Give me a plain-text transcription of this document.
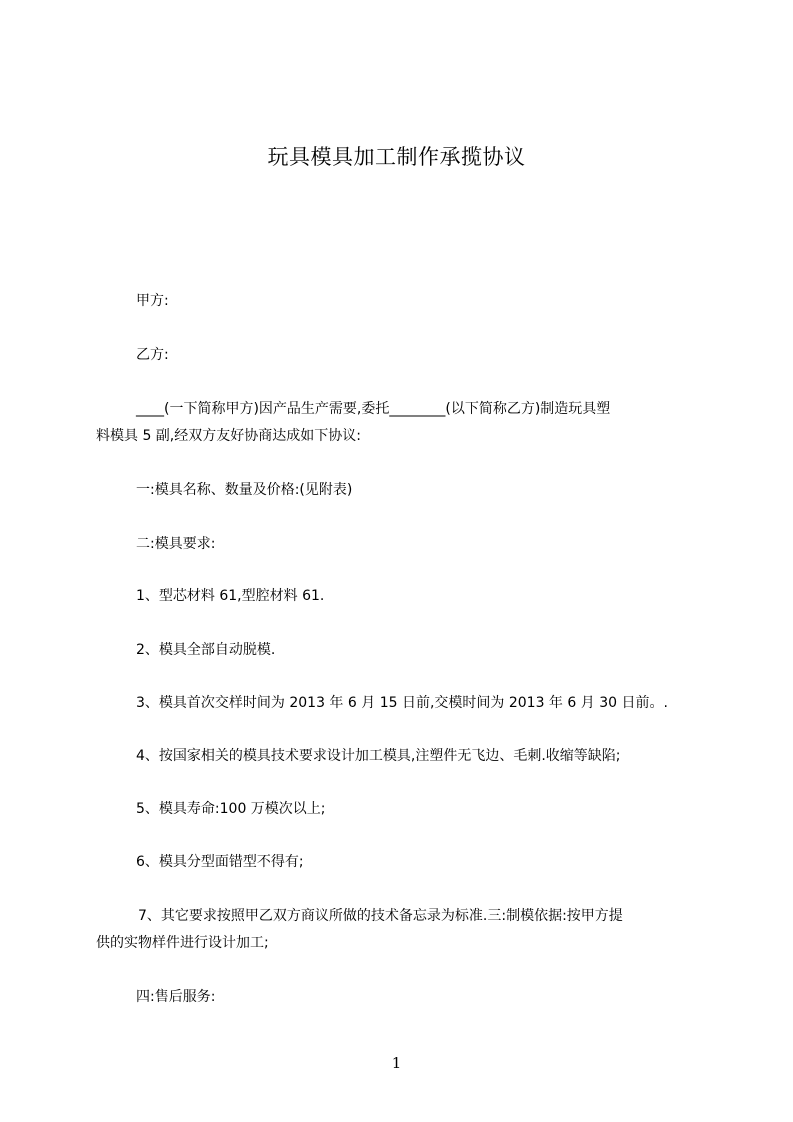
玩具模具加工制作承揽协议
甲方:
乙方:
____(一下简称甲方)因产品生产需要,委托________(以下简称乙方)制造玩具塑
料模具 5 副,经双方友好协商达成如下协议:
一:模具名称、数量及价格:(见附表)
二:模具要求:
1、型芯材料 61,型腔材料 61.
2、模具全部自动脱模.
3、模具首次交样时间为 2013 年 6 月 15 日前,交模时间为 2013 年 6 月 30 日前。.
4、按国家相关的模具技术要求设计加工模具,注塑件无飞边、毛刺.收缩等缺陷;
5、模具寿命:100 万模次以上;
6、模具分型面错型不得有;
7、其它要求按照甲乙双方商议所做的技术备忘录为标准.三:制模依据:按甲方提
供的实物样件进行设计加工;
四:售后服务:
1
